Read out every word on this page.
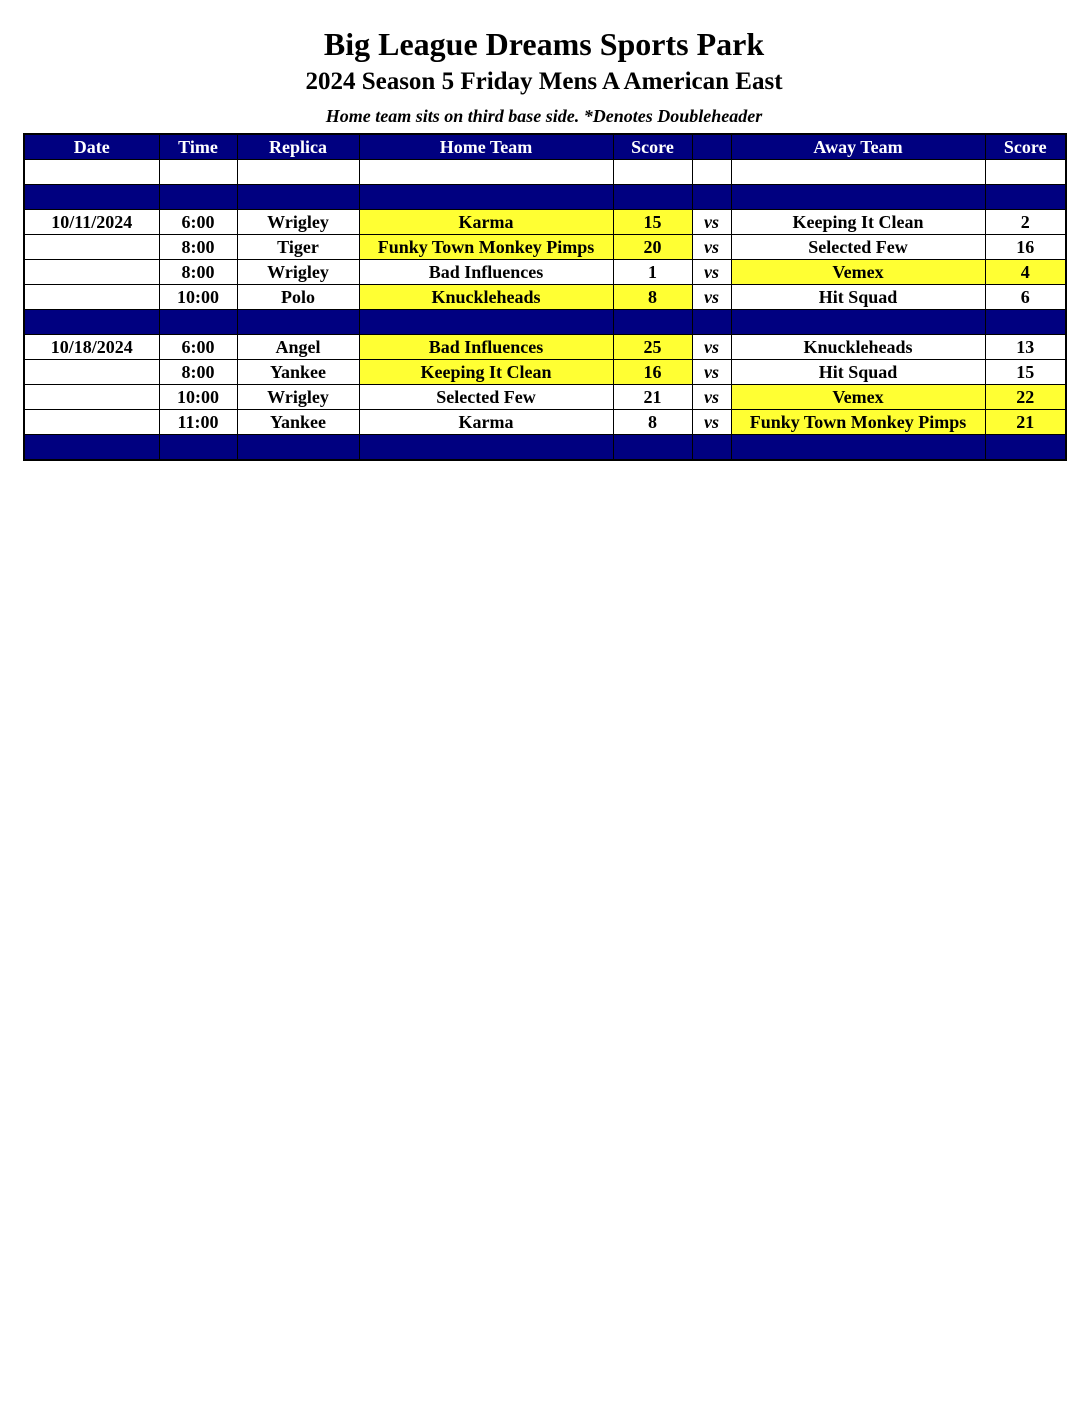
Big League Dreams Sports Park
2024 Season 5 Friday Mens A American East

Home team sits on third base side. *Denotes Doubleheader

Date	Time	Replica	Home Team	Score		Away Team	Score

10/11/2024	6:00	Wrigley	Karma	15	vs	Keeping It Clean	2
	8:00	Tiger	Funky Town Monkey Pimps	20	vs	Selected Few	16
	8:00	Wrigley	Bad Influences	1	vs	Vemex	4
	10:00	Polo	Knuckleheads	8	vs	Hit Squad	6

10/18/2024	6:00	Angel	Bad Influences	25	vs	Knuckleheads	13
	8:00	Yankee	Keeping It Clean	16	vs	Hit Squad	15
	10:00	Wrigley	Selected Few	21	vs	Vemex	22
	11:00	Yankee	Karma	8	vs	Funky Town Monkey Pimps	21
